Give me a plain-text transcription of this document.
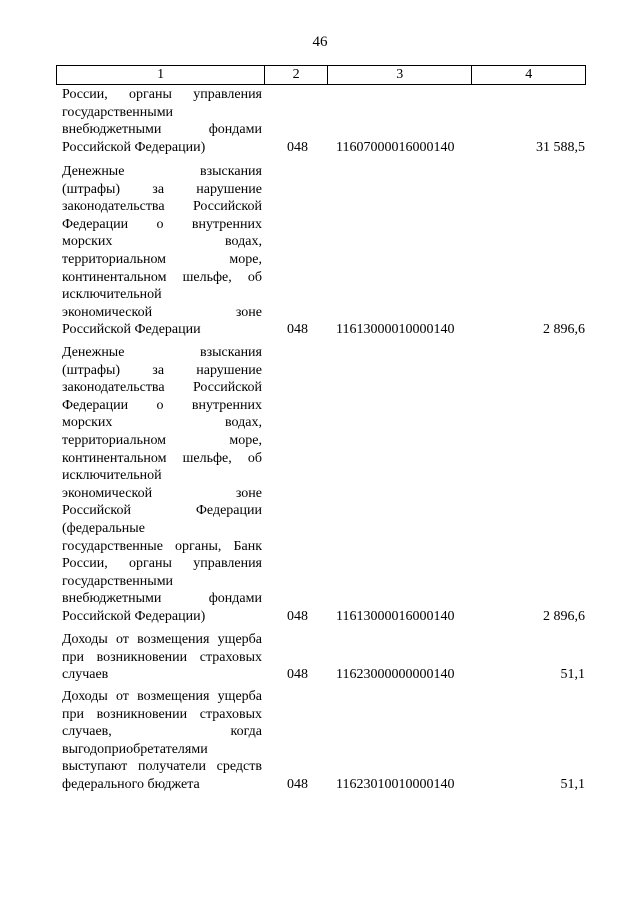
46
1	2	3	4
России, органы управления
государственными
внебюджетными фондами
Российской Федерации)	048	11607000016000140	31 588,5
Денежные взыскания
(штрафы) за нарушение
законодательства Российской
Федерации о внутренних
морских водах,
территориальном море,
континентальном шельфе, об
исключительной
экономической зоне
Российской Федерации	048	11613000010000140	2 896,6
Денежные взыскания
(штрафы) за нарушение
законодательства Российской
Федерации о внутренних
морских водах,
территориальном море,
континентальном шельфе, об
исключительной
экономической зоне
Российской Федерации
(федеральные
государственные органы, Банк
России, органы управления
государственными
внебюджетными фондами
Российской Федерации)	048	11613000016000140	2 896,6
Доходы от возмещения ущерба
при возникновении страховых
случаев	048	11623000000000140	51,1
Доходы от возмещения ущерба
при возникновении страховых
случаев, когда
выгодоприобретателями
выступают получатели средств
федерального бюджета	048	11623010010000140	51,1
